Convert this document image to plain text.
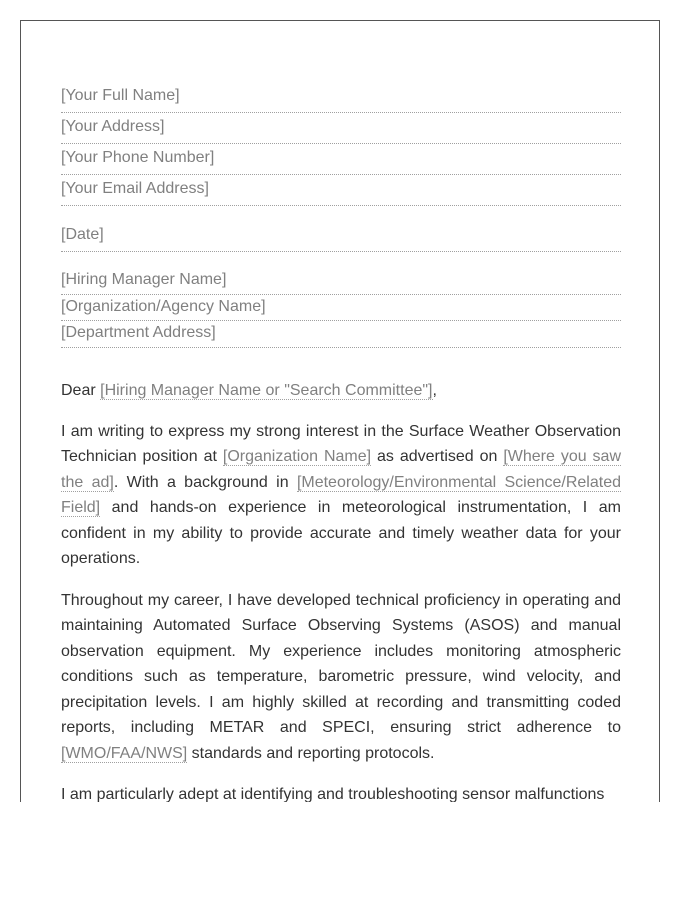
[Your Full Name]
[Your Address]
[Your Phone Number]
[Your Email Address]
[Date]
[Hiring Manager Name]
[Organization/Agency Name]
[Department Address]
Dear [Hiring Manager Name or "Search Committee"],
I am writing to express my strong interest in the Surface Weather Observation Technician position at [Organization Name] as advertised on [Where you saw the ad]. With a background in [Meteorology/Environmental Science/Related Field] and hands-on experience in meteorological instrumentation, I am confident in my ability to provide accurate and timely weather data for your operations.
Throughout my career, I have developed technical proficiency in operating and maintaining Automated Surface Observing Systems (ASOS) and manual observation equipment. My experience includes monitoring atmospheric conditions such as temperature, barometric pressure, wind velocity, and precipitation levels. I am highly skilled at recording and transmitting coded reports, including METAR and SPECI, ensuring strict adherence to [WMO/FAA/NWS] standards and reporting protocols.
I am particularly adept at identifying and troubleshooting sensor malfunctions
